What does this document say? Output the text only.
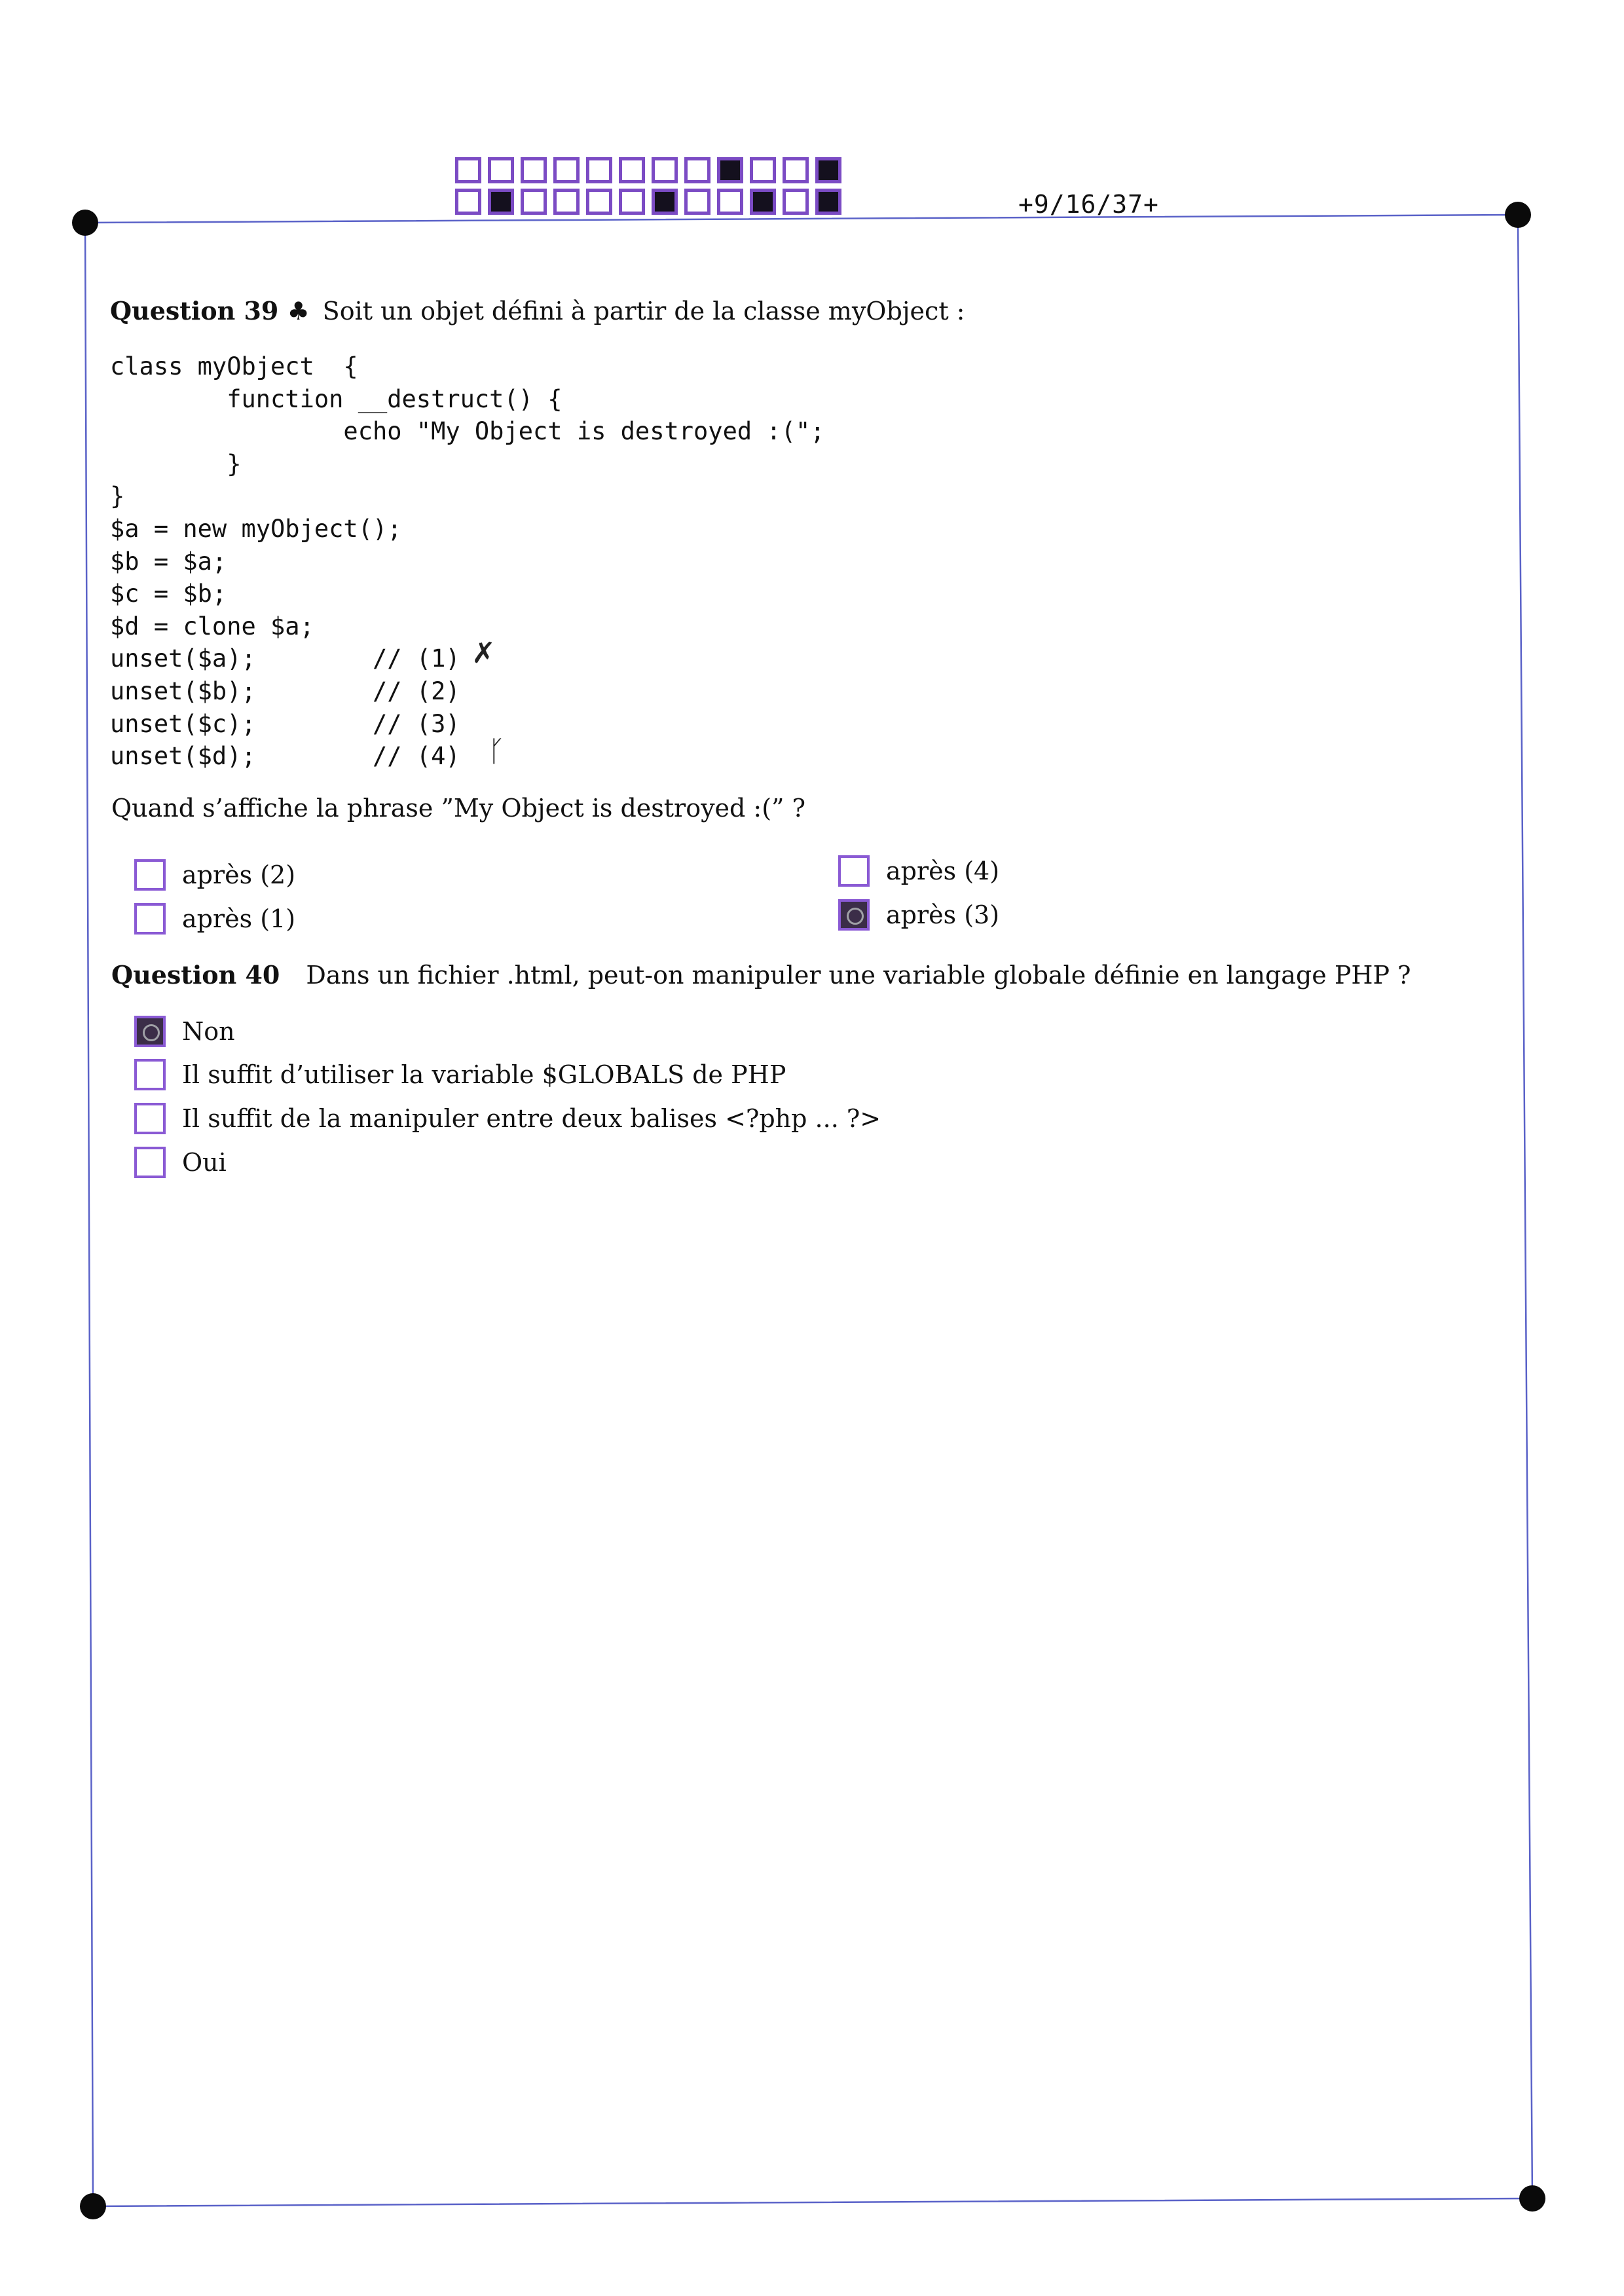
+9/16/37+
Question 39 ♣ Soit un objet défini à partir de la classe myObject :
class myObject  {
function __destruct() {
echo "My Object is destroyed :(";
}
}
$a = new myObject();
$b = $a;
$c = $b;
$d = clone $a;
unset($a);        // (1)
unset($b);        // (2)
unset($c);        // (3)
unset($d);        // (4)
✗
ᚴ
Quand s’affiche la phrase ”My Object is destroyed :(” ?
après (2)
après (1)
après (4)
après (3)
Question 40 Dans un fichier .html, peut-on manipuler une variable globale définie en langage PHP ?
Non
Il suffit d’utiliser la variable $GLOBALS de PHP
Il suffit de la manipuler entre deux balises <?php ... ?>
Oui
